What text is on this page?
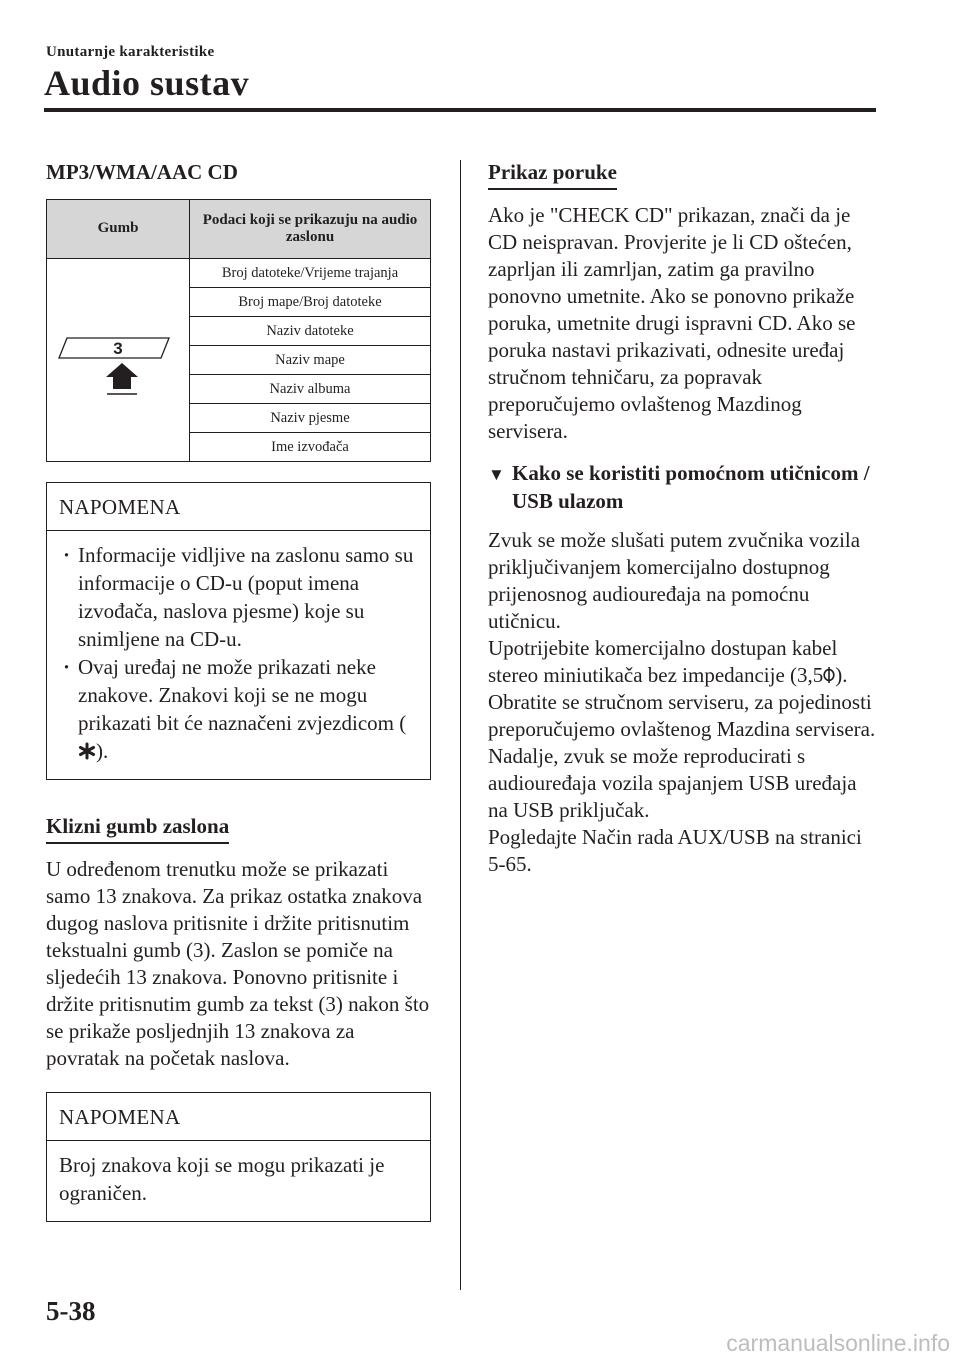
Unutarnje karakteristike
Audio sustav
MP3/WMA/AAC CD
Gumb	Podaci koji se prikazuju na audio zaslonu

3	Broj datoteke/Vrijeme trajanja
	Broj mape/Broj datoteke
	Naziv datoteke
	Naziv mape
	Naziv albuma
	Naziv pjesme
	Ime izvođača
NAPOMENA
· Informacije vidljive na zaslonu samo su informacije o CD-u (poput imena izvođača, naslova pjesme) koje su snimljene na CD-u.
· Ovaj uređaj ne može prikazati neke znakove. Znakovi koji se ne mogu prikazati bit će naznačeni zvjezdicom ().
Klizni gumb zaslona

U određenom trenutku može se prikazati samo 13 znakova. Za prikaz ostatka znakova dugog naslova pritisnite i držite pritisnutim tekstualni gumb (3). Zaslon se pomiče na sljedećih 13 znakova. Ponovno pritisnite i držite pritisnutim gumb za tekst (3) nakon što se prikaže posljednjih 13 znakova za povratak na početak naslova.

NAPOMENA
Broj znakova koji se mogu prikazati je ograničen.
Prikaz poruke

Ako je "CHECK CD" prikazan, znači da je CD neispravan. Provjerite je li CD oštećen, zaprljan ili zamrljan, zatim ga pravilno ponovno umetnite. Ako se ponovno prikaže poruka, umetnite drugi ispravni CD. Ako se poruka nastavi prikazivati, odnesite uređaj stručnom tehničaru, za popravak preporučujemo ovlaštenog Mazdinog servisera.

▼ Kako se koristiti pomoćnom utičnicom / USB ulazom

Zvuk se može slušati putem zvučnika vozila priključivanjem komercijalno dostupnog prijenosnog audiouređaja na pomoćnu utičnicu.

Upotrijebite komercijalno dostupan kabel stereo miniutikača bez impedancije (3,5 ).

Obratite se stručnom serviseru, za pojedinosti preporučujemo ovlaštenog Mazdina servisera.

Nadalje, zvuk se može reproducirati s audiouređaja vozila spajanjem USB uređaja na USB priključak.

Pogledajte Način rada AUX/USB na stranici 5-65.

5-38
carmanualsonline.info
